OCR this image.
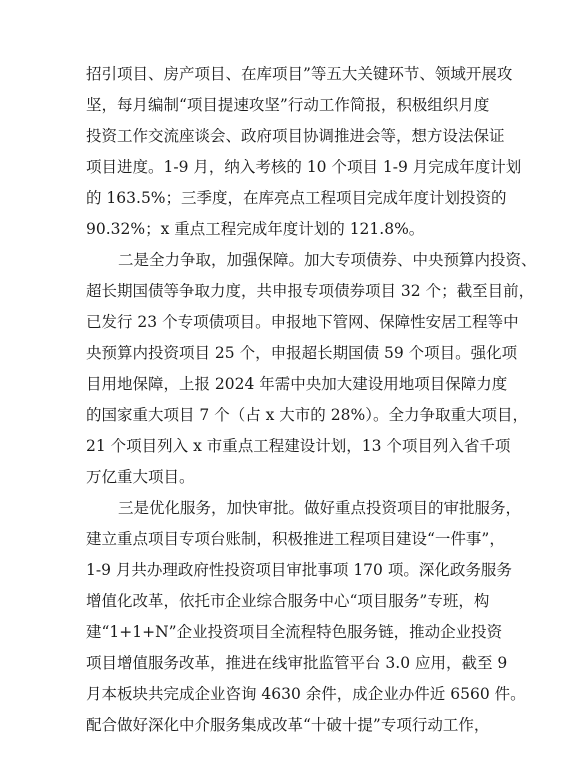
招引项目、房产项目、在库项目”等五大关键环节、领域开展攻
坚，每月编制“项目提速攻坚”行动工作简报，积极组织月度
投资工作交流座谈会、政府项目协调推进会等，想方设法保证
项目进度。1-9 月，纳入考核的 10 个项目 1-9 月完成年度计划
的 163.5%；三季度，在库亮点工程项目完成年度计划投资的
90.32%；x 重点工程完成年度计划的 121.8%。
二是全力争取，加强保障。加大专项债券、中央预算内投资、
超长期国债等争取力度，共申报专项债券项目 32 个；截至目前，
已发行 23 个专项债项目。申报地下管网、保障性安居工程等中
央预算内投资项目 25 个，申报超长期国债 59 个项目。强化项
目用地保障，上报 2024 年需中央加大建设用地项目保障力度
的国家重大项目 7 个（占 x 大市的 28%）。全力争取重大项目，
21 个项目列入 x 市重点工程建设计划，13 个项目列入省千项
万亿重大项目。
三是优化服务，加快审批。做好重点投资项目的审批服务，
建立重点项目专项台账制，积极推进工程项目建设“一件事”，
1-9 月共办理政府性投资项目审批事项 170 项。深化政务服务
增值化改革，依托市企业综合服务中心“项目服务”专班，构
建“1+1+N”企业投资项目全流程特色服务链，推动企业投资
项目增值服务改革，推进在线审批监管平台 3.0 应用，截至 9
月本板块共完成企业咨询 4630 余件，成企业办件近 6560 件。
配合做好深化中介服务集成改革“十破十提”专项行动工作，
